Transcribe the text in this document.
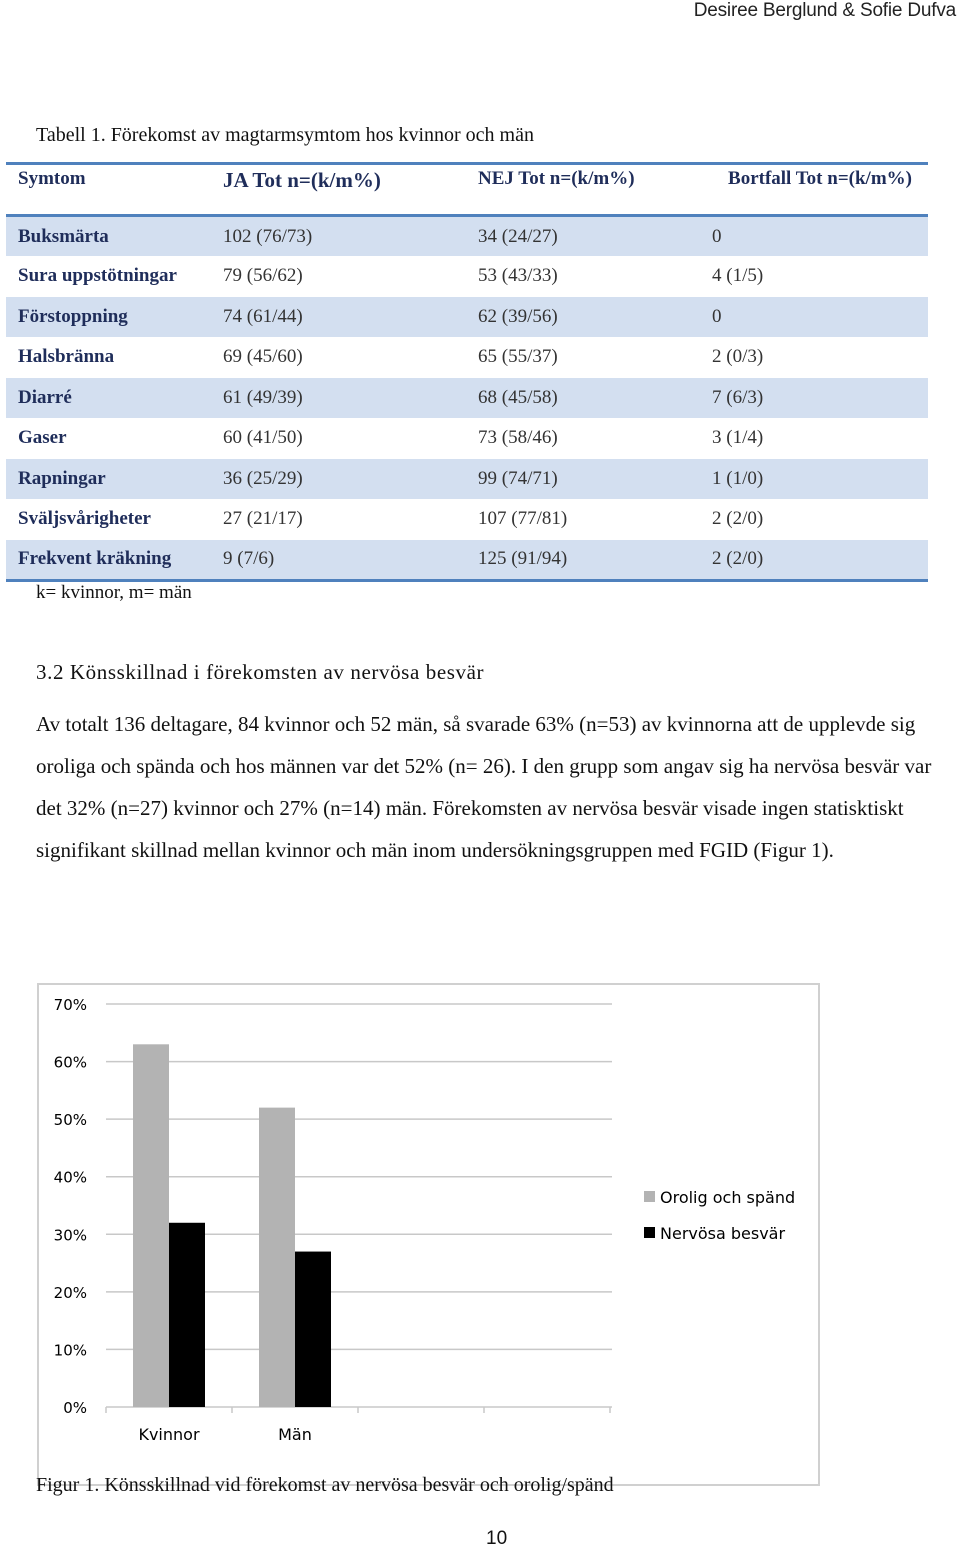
Desiree Berglund & Sofie Dufva
Tabell 1. Förekomst av magtarmsymtom hos kvinnor och män
Symtom	JA Tot n=(k/m%)	NEJ Tot n=(k/m%)	Bortfall Tot n=(k/m%)
Buksmärta	102 (76/73)	34 (24/27)	0
Sura uppstötningar	79 (56/62)	53 (43/33)	4 (1/5)
Förstoppning	74 (61/44)	62 (39/56)	0
Halsbränna	69 (45/60)	65 (55/37)	2 (0/3)
Diarré	61 (49/39)	68 (45/58)	7 (6/3)
Gaser	60 (41/50)	73 (58/46)	3 (1/4)
Rapningar	36 (25/29)	99 (74/71)	1 (1/0)
Sväljsvårigheter	27 (21/17)	107 (77/81)	2 (2/0)
Frekvent kräkning	9 (7/6)	125 (91/94)	2 (2/0)
k= kvinnor, m= män
3.2 Könsskillnad i förekomsten av nervösa besvär
Av totalt 136 deltagare, 84 kvinnor och 52 män, så svarade 63% (n=53) av kvinnorna att de upplevde sig oroliga och spända och hos männen var det 52% (n= 26). I den grupp som angav sig ha nervösa besvär var det 32% (n=27) kvinnor och 27% (n=14) män. Förekomsten av nervösa besvär visade ingen statisktiskt signifikant skillnad mellan kvinnor och män inom undersökningsgruppen med FGID (Figur 1).
0%
10%
20%
30%
40%
50%
60%
70%
Kvinnor	Män
Orolig och spänd
Nervösa besvär
Figur 1. Könsskillnad vid förekomst av nervösa besvär och orolig/spänd
10
